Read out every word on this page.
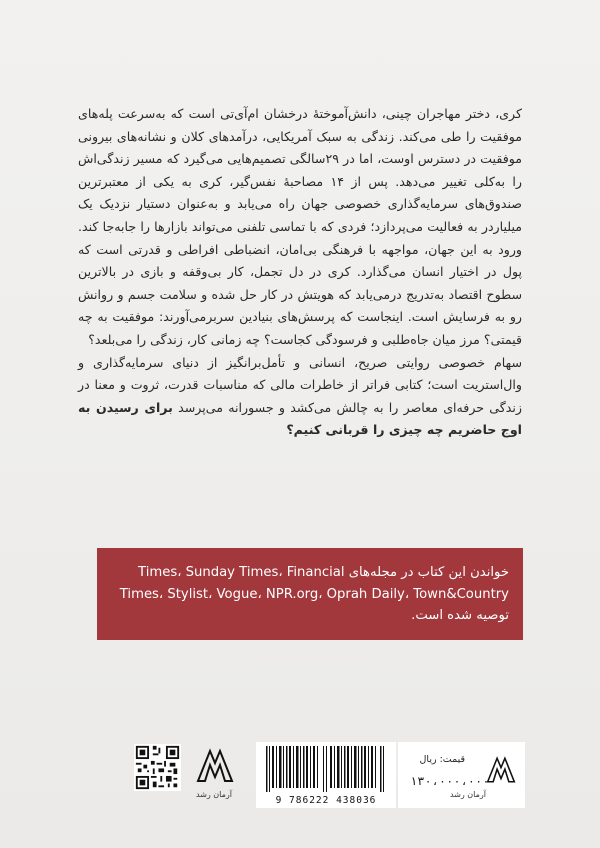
کری، دختر مهاجران چینی، دانش‌آموختهٔ درخشان ام‌آی‌تی است که به‌سرعت پله‌های موفقیت را طی می‌کند. زندگی به سبک آمریکایی، درآمدهای کلان و نشانه‌های بیرونی موفقیت در دسترس اوست، اما در ۲۹سالگی تصمیم‌هایی می‌گیرد که مسیر زندگی‌اش را به‌کلی تغییر می‌دهد. پس از ۱۴ مصاحبهٔ نفس‌گیر، کری به یکی از معتبرترین صندوق‌های سرمایه‌گذاری خصوصی جهان راه می‌یابد و به‌عنوان دستیار نزدیک یک میلیاردر به فعالیت می‌پردازد؛ فردی که با تماسی تلفنی می‌تواند بازارها را جابه‌جا کند. ورود به این جهان، مواجهه با فرهنگی بی‌امان، انضباطی افراطی و قدرتی است که پول در اختیار انسان می‌گذارد. کری در دل تجمل، کار بی‌وقفه و بازی در بالاترین سطوح اقتصاد به‌تدریج درمی‌یابد که هویتش در کار حل شده و سلامت جسم و روانش رو به فرسایش است. اینجاست که پرسش‌های بنیادین سربرمی‌آورند: موفقیت به چه قیمتی؟ مرز میان جاه‌طلبی و فرسودگی کجاست؟ چه زمانی کار، زندگی را می‌بلعد؟

سهام خصوصی روایتی صریح، انسانی و تأمل‌برانگیز از دنیای سرمایه‌گذاری و وال‌استریت است؛ کتابی فراتر از خاطرات مالی که مناسبات قدرت، ثروت و معنا در زندگی حرفه‌ای معاصر را به چالش می‌کشد و جسورانه می‌پرسد برای رسیدن به اوج حاضریم چه چیزی را قربانی کنیم؟

خواندن این کتاب در مجله‌های Times، Sunday Times، Financial
Times، Stylist، Vogue، NPR.org، Oprah Daily، Town&Country
توصیه شده است.
آرمان رشد
9 786222 438036
قیمت: ریال
آرمان رشد
۱۳۰،۰۰۰،۰۰۰
